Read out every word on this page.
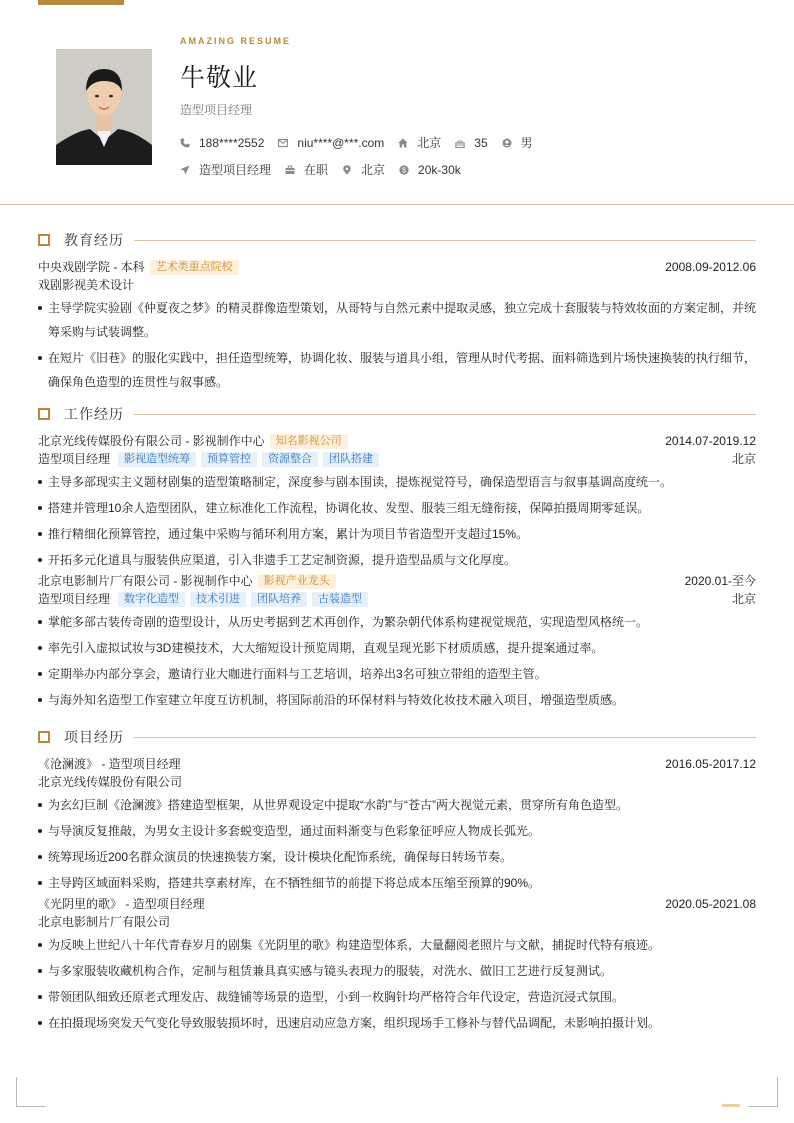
AMAZING RESUME
牛敬业
造型项目经理
188****2552	niu****@***.com	北京	35	男
造型项目经理	在职	北京 $ 20k-30k
教育经历
中央戏剧学院 - 本科	艺术类重点院校	2008.09-2012.06
戏剧影视美术设计
主导学院实验剧《仲夏夜之梦》的精灵群像造型策划，从哥特与自然元素中提取灵感，独立完成十套服装与特效妆面的方案定制，并统筹采购与试装调整。
在短片《旧巷》的服化实践中，担任造型统筹，协调化妆、服装与道具小组，管理从时代考据、面料筛选到片场快速换装的执行细节，确保角色造型的连贯性与叙事感。
工作经历
北京光线传媒股份有限公司 - 影视制作中心	知名影视公司	2014.07-2019.12
造型项目经理	影视造型统筹	预算管控	资源整合	团队搭建	北京
主导多部现实主义题材剧集的造型策略制定，深度参与剧本围读，提炼视觉符号，确保造型语言与叙事基调高度统一。
搭建并管理10余人造型团队，建立标准化工作流程，协调化妆、发型、服装三组无缝衔接，保障拍摄周期零延误。
推行精细化预算管控，通过集中采购与循环利用方案，累计为项目节省造型开支超过15%。
开拓多元化道具与服装供应渠道，引入非遗手工艺定制资源，提升造型品质与文化厚度。
北京电影制片厂有限公司 - 影视制作中心	影视产业龙头	2020.01-至今
造型项目经理	数字化造型	技术引进	团队培养	古装造型	北京
掌舵多部古装传奇剧的造型设计，从历史考据到艺术再创作，为繁杂朝代体系构建视觉规范，实现造型风格统一。
率先引入虚拟试妆与3D建模技术，大大缩短设计预览周期，直观呈现光影下材质质感，提升提案通过率。
定期举办内部分享会，邀请行业大咖进行面料与工艺培训，培养出3名可独立带组的造型主管。
与海外知名造型工作室建立年度互访机制，将国际前沿的环保材料与特效化妆技术融入项目，增强造型质感。
项目经历
《沧澜渡》 - 造型项目经理	2016.05-2017.12
北京光线传媒股份有限公司
为玄幻巨制《沧澜渡》搭建造型框架，从世界观设定中提取“水韵”与“苍古”两大视觉元素，贯穿所有角色造型。
与导演反复推敲，为男女主设计多套蜕变造型，通过面料渐变与色彩象征呼应人物成长弧光。
统筹现场近200名群众演员的快速换装方案，设计模块化配饰系统，确保每日转场节奏。
主导跨区域面料采购，搭建共享素材库，在不牺牲细节的前提下将总成本压缩至预算的90%。
《光阴里的歌》 - 造型项目经理	2020.05-2021.08
北京电影制片厂有限公司
为反映上世纪八十年代青春岁月的剧集《光阴里的歌》构建造型体系，大量翻阅老照片与文献，捕捉时代特有痕迹。
与多家服装收藏机构合作，定制与租赁兼具真实感与镜头表现力的服装，对洗水、做旧工艺进行反复测试。
带领团队细致还原老式理发店、裁缝铺等场景的造型，小到一枚胸针均严格符合年代设定，营造沉浸式氛围。
在拍摄现场突发天气变化导致服装损坏时，迅速启动应急方案，组织现场手工修补与替代品调配，未影响拍摄计划。
